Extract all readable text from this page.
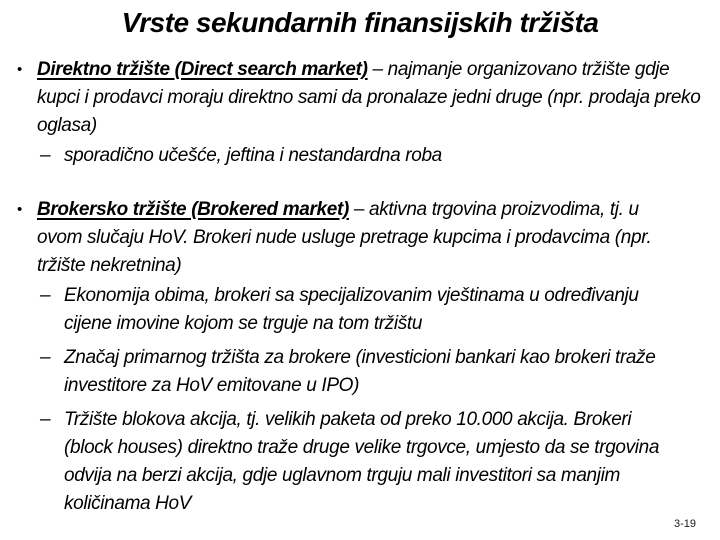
Vrste sekundarnih finansijskih tržišta
• Direktno tržište (Direct search market) – najmanje organizovano tržište gdje kupci i prodavci moraju direktno sami da pronalaze jedni druge (npr. prodaja preko oglasa)
– sporadično učešće, jeftina i nestandardna roba
• Brokersko tržište (Brokered market) – aktivna trgovina proizvodima, tj. u ovom slučaju HoV. Brokeri nude usluge pretrage kupcima i prodavcima (npr. tržište nekretnina)
– Ekonomija obima, brokeri sa specijalizovanim vještinama u određivanju cijene imovine kojom se trguje na tom tržištu
– Značaj primarnog tržišta za brokere (investicioni bankari kao brokeri traže investitore za HoV emitovane u IPO)
– Tržište blokova akcija, tj. velikih paketa od preko 10.000 akcija. Brokeri (block houses) direktno traže druge velike trgovce, umjesto da se trgovina odvija na berzi akcija, gdje uglavnom trguju mali investitori sa manjim količinama HoV
3-19
